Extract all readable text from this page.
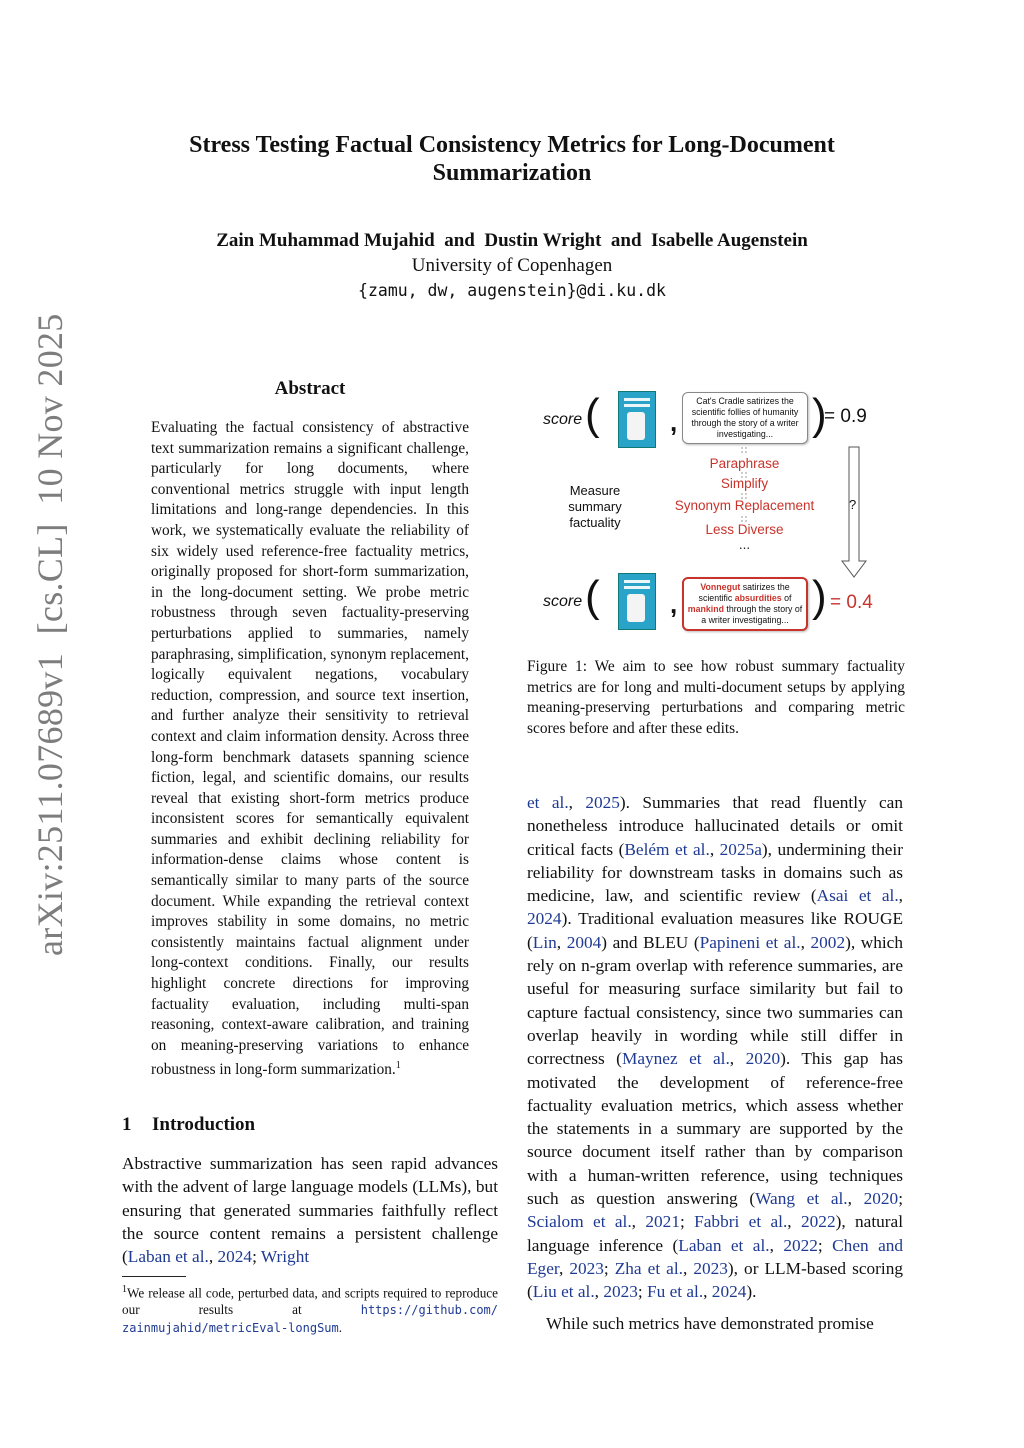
Stress Testing Factual Consistency Metrics for Long-Document
Summarization
Zain Muhammad Mujahid  and  Dustin Wright  and  Isabelle Augenstein
University of Copenhagen
{zamu, dw, augenstein}@di.ku.dk
arXiv:2511.07689v1  [cs.CL]  10 Nov 2025	Abstract
Evaluating the factual consistency of abstractive text summarization remains a significant challenge, particularly for long documents, where conventional metrics struggle with input length limitations and long-range dependencies. In this work, we systematically evaluate the reliability of six widely used reference-free factuality metrics, originally proposed for short-form summarization, in the long-document setting. We probe metric robustness through seven factuality-preserving perturbations applied to summaries, namely paraphrasing, simplification, synonym replacement, logically equivalent negations, vocabulary reduction, compression, and source text insertion, and further analyze their sensitivity to retrieval context and claim information density. Across three long-form benchmark datasets spanning science fiction, legal, and scientific domains, our results reveal that existing short-form metrics produce inconsistent scores for semantically equivalent summaries and exhibit declining reliability for information-dense claims whose content is semantically similar to many parts of the source document. While expanding the retrieval context improves stability in some domains, no metric consistently maintains factual alignment under long-context conditions. Finally, our results highlight concrete directions for improving factuality evaluation, including multi-span reasoning, context-aware calibration, and training on meaning-preserving variations to enhance robustness in long-form summarization.$^1$
1 Introduction
Abstractive summarization has seen rapid advances with the advent of large language models (LLMs), but ensuring that generated summaries faithfully reflect the source content remains a persistent challenge (Laban et al., 2024; Wright
$^1$We release all code, perturbed data, and scripts required to reproduce our results at https://github.com/ zainmujahid/metricEval-longSum.
score (	,
Cat's Cradle satirizes the scientific follies of humanity through the story of a writer investigating... )
= 0.9
Paraphrase
Simplify
Synonym Replacement
Less Diverse
...
Measure summary factuality
?
score (	,
Vonnegut satirizes the scientific absurdities of mankind through the story of a writer investigating... ) = 0.4
Figure 1: We aim to see how robust summary factuality metrics are for long and multi-document setups by applying meaning-preserving perturbations and comparing metric scores before and after these edits.
et al., 2025). Summaries that read fluently can nonetheless introduce hallucinated details or omit critical facts (Belém et al., 2025a), undermining their reliability for downstream tasks in domains such as medicine, law, and scientific review (Asai et al., 2024). Traditional evaluation measures like ROUGE (Lin, 2004) and BLEU (Papineni et al., 2002), which rely on n-gram overlap with reference summaries, are useful for measuring surface similarity but fail to capture factual consistency, since two summaries can overlap heavily in wording while still differ in correctness (Maynez et al., 2020). This gap has motivated the development of reference-free factuality evaluation metrics, which assess whether the statements in a summary are supported by the source document itself rather than by comparison with a human-written reference, using techniques such as question answering (Wang et al., 2020; Scialom et al., 2021; Fabbri et al., 2022), natural language inference (Laban et al., 2022; Chen and Eger, 2023; Zha et al., 2023), or LLM-based scoring (Liu et al., 2023; Fu et al., 2024).
While such metrics have demonstrated promise
